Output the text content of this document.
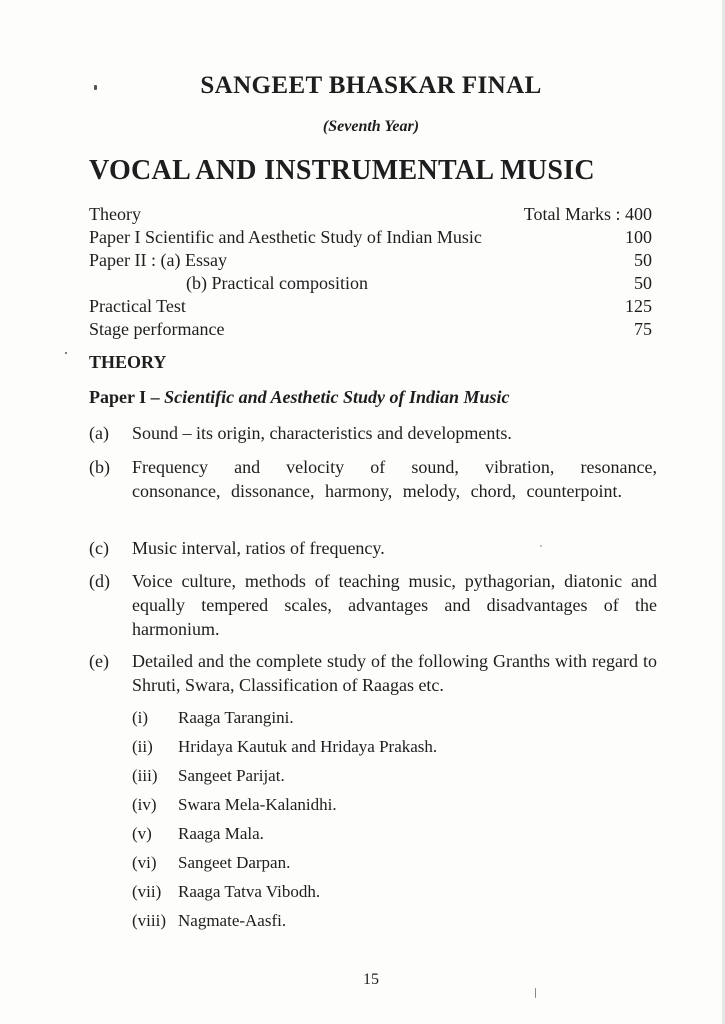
SANGEET BHASKAR FINAL
(Seventh Year)
VOCAL AND INSTRUMENTAL MUSIC
Theory	Total Marks : 400
Paper I Scientific and Aesthetic Study of Indian Music	100
Paper II : (a) Essay	50
(b) Practical composition	50
Practical Test	125
Stage performance	75
THEORY
Paper I – Scientific and Aesthetic Study of Indian Music
(a) Sound – its origin, characteristics and developments.
(b) Frequency and velocity of sound, vibration, resonance, consonance, dissonance, harmony, melody, chord, counterpoint.
(c) Music interval, ratios of frequency.
(d) Voice culture, methods of teaching music, pythagorian, diatonic and equally tempered scales, advantages and disadvantages of the harmonium.
(e) Detailed and the complete study of the following Granths with regard to Shruti, Swara, Classification of Raagas etc.
(i) Raaga Tarangini.
(ii) Hridaya Kautuk and Hridaya Prakash.
(iii) Sangeet Parijat.
(iv) Swara Mela-Kalanidhi.
(v) Raaga Mala.
(vi) Sangeet Darpan.
(vii) Raaga Tatva Vibodh.
(viii) Nagmate-Aasfi.
15
